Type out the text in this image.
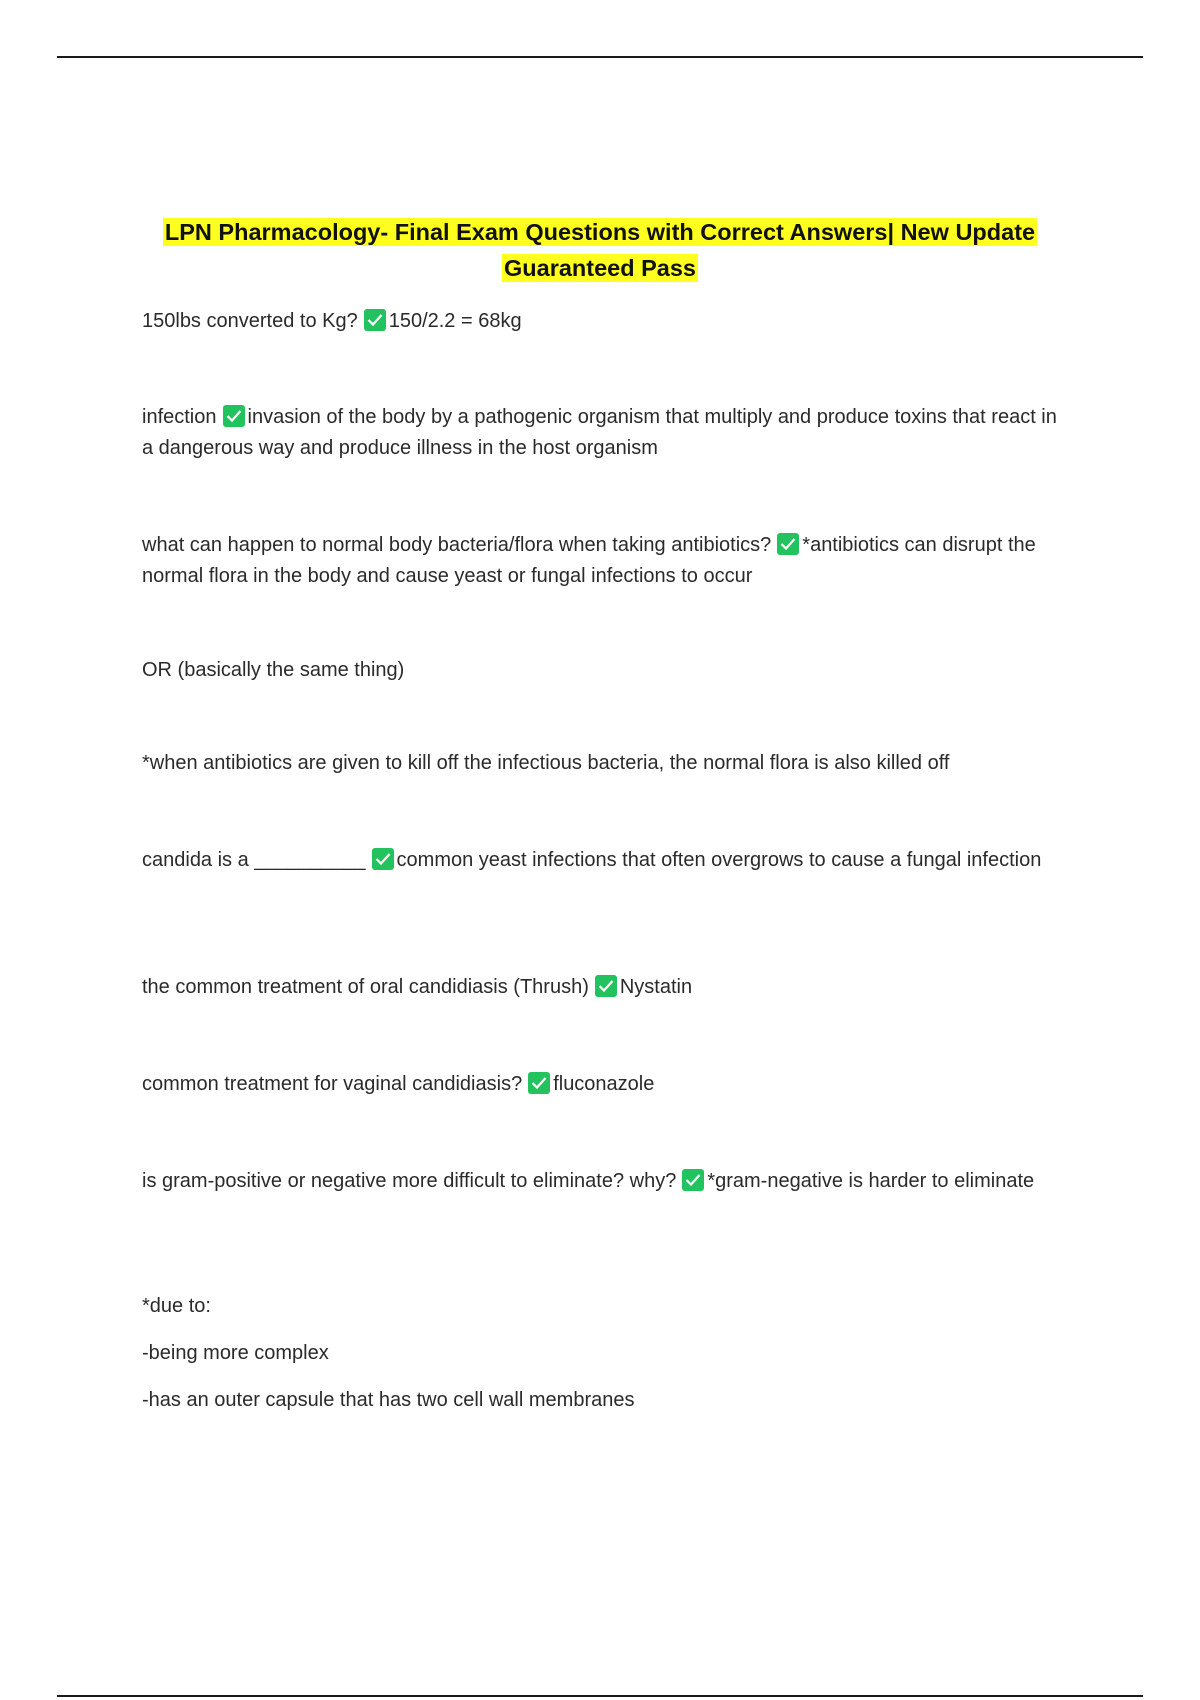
LPN Pharmacology- Final Exam Questions with Correct Answers| New Update
Guaranteed Pass

150lbs converted to Kg? 150/2.2 = 68kg

infection invasion of the body by a pathogenic organism that multiply and produce toxins that react in a dangerous way and produce illness in the host organism

what can happen to normal body bacteria/flora when taking antibiotics? *antibiotics can disrupt the normal flora in the body and cause yeast or fungal infections to occur

OR (basically the same thing)

*when antibiotics are given to kill off the infectious bacteria, the normal flora is also killed off

candida is a __________ common yeast infections that often overgrows to cause a fungal infection

the common treatment of oral candidiasis (Thrush) Nystatin

common treatment for vaginal candidiasis? fluconazole

is gram-positive or negative more difficult to eliminate? why? *gram-negative is harder to eliminate

*due to:

-being more complex

-has an outer capsule that has two cell wall membranes
